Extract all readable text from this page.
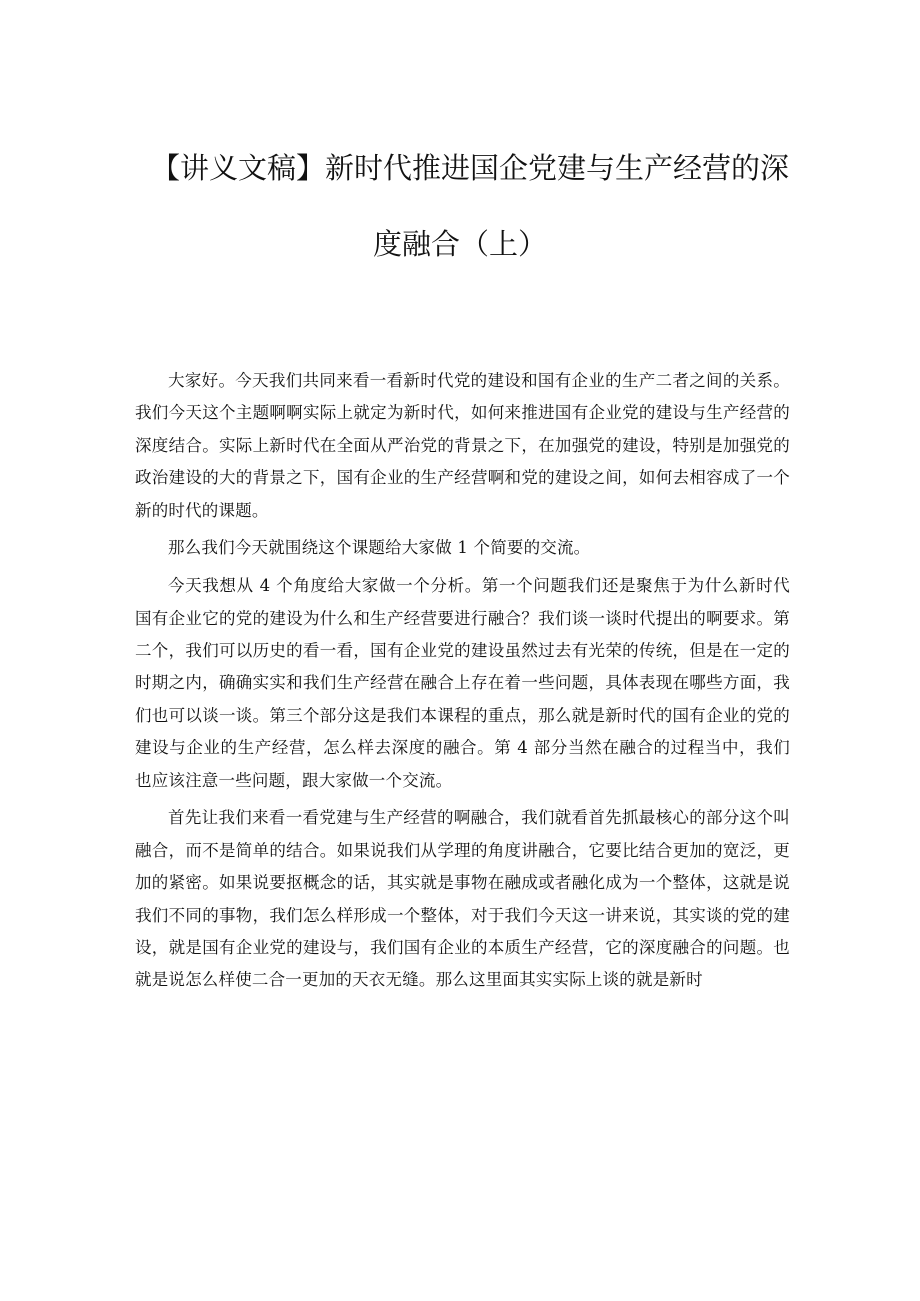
【讲义文稿】新时代推进国企党建与生产经营的深
度融合（上）

大家好。今天我们共同来看一看新时代党的建设和国有企业的生产二者之间的关系。我们今天这个主题啊啊实际上就定为新时代，如何来推进国有企业党的建设与生产经营的深度结合。实际上新时代在全面从严治党的背景之下，在加强党的建设，特别是加强党的政治建设的大的背景之下，国有企业的生产经营啊和党的建设之间，如何去相容成了一个新的时代的课题。

那么我们今天就围绕这个课题给大家做 1 个简要的交流。

今天我想从 4 个角度给大家做一个分析。第一个问题我们还是聚焦于为什么新时代国有企业它的党的建设为什么和生产经营要进行融合？我们谈一谈时代提出的啊要求。第二个，我们可以历史的看一看，国有企业党的建设虽然过去有光荣的传统，但是在一定的时期之内，确确实实和我们生产经营在融合上存在着一些问题，具体表现在哪些方面，我们也可以谈一谈。第三个部分这是我们本课程的重点，那么就是新时代的国有企业的党的建设与企业的生产经营，怎么样去深度的融合。第 4 部分当然在融合的过程当中，我们也应该注意一些问题，跟大家做一个交流。

首先让我们来看一看党建与生产经营的啊融合，我们就看首先抓最核心的部分这个叫融合，而不是简单的结合。如果说我们从学理的角度讲融合，它要比结合更加的宽泛，更加的紧密。如果说要抠概念的话，其实就是事物在融成或者融化成为一个整体，这就是说我们不同的事物，我们怎么样形成一个整体，对于我们今天这一讲来说，其实谈的党的建设，就是国有企业党的建设与，我们国有企业的本质生产经营，它的深度融合的问题。也就是说怎么样使二合一更加的天衣无缝。那么这里面其实实际上谈的就是新时
